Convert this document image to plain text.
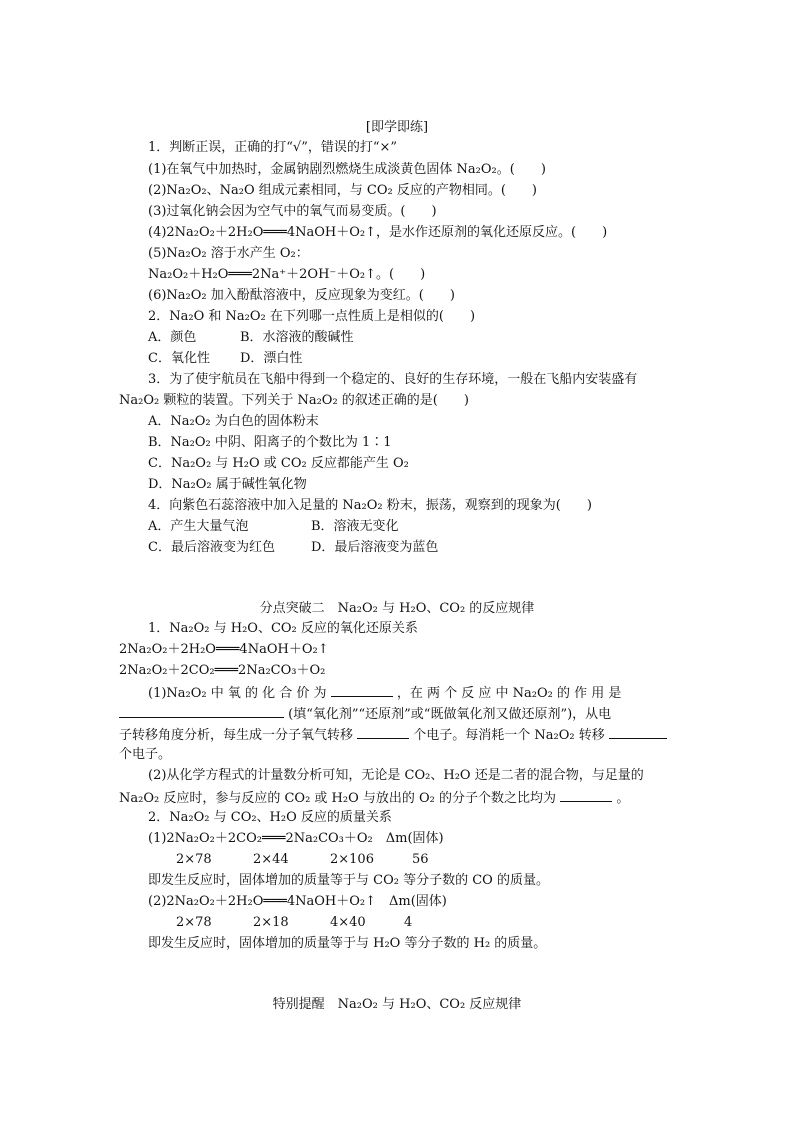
[即学即练]
1．判断正误，正确的打“√”，错误的打“×”
(1)在氧气中加热时，金属钠剧烈燃烧生成淡黄色固体 Na₂O₂。(　　)
(2)Na₂O₂、Na₂O 组成元素相同，与 CO₂ 反应的产物相同。(　　)
(3)过氧化钠会因为空气中的氧气而易变质。(　　)
(4)2Na₂O₂＋2H₂O═══4NaOH＋O₂↑，是水作还原剂的氧化还原反应。(　　)
(5)Na₂O₂ 溶于水产生 O₂：
Na₂O₂＋H₂O═══2Na⁺＋2OH⁻＋O₂↑。(　　)
(6)Na₂O₂ 加入酚酞溶液中，反应现象为变红。(　　)
2．Na₂O 和 Na₂O₂ 在下列哪一点性质上是相似的(　　)
A．颜色	B．水溶液的酸碱性
C．氧化性 D．漂白性
3．为了使宇航员在飞船中得到一个稳定的、良好的生存环境，一般在飞船内安装盛有
Na₂O₂ 颗粒的装置。下列关于 Na₂O₂ 的叙述正确的是(　　)
A．Na₂O₂ 为白色的固体粉末
B．Na₂O₂ 中阴、阳离子的个数比为 1∶1
C．Na₂O₂ 与 H₂O 或 CO₂ 反应都能产生 O₂
D．Na₂O₂ 属于碱性氧化物
4．向紫色石蕊溶液中加入足量的 Na₂O₂ 粉末，振荡，观察到的现象为(　　)
A．产生大量气泡	B．溶液无变化
C．最后溶液变为红色	D．最后溶液变为蓝色
分点突破二　Na₂O₂ 与 H₂O、CO₂ 的反应规律
1．Na₂O₂ 与 H₂O、CO₂ 反应的氧化还原关系
2Na₂O₂＋2H₂O═══4NaOH＋O₂↑
2Na₂O₂＋2CO₂═══2Na₂CO₃＋O₂
(1)Na₂O₂ 中 氧 的 化 合 价 为	，在 两 个 反 应 中 Na₂O₂ 的 作 用 是
(填“氧化剂”“还原剂”或“既做氧化剂又做还原剂”)，从电
子转移角度分析，每生成一分子氧气转移	个电子。每消耗一个 Na₂O₂ 转移
个电子。
(2)从化学方程式的计量数分析可知，无论是 CO₂、H₂O 还是二者的混合物，与足量的
Na₂O₂ 反应时，参与反应的 CO₂ 或 H₂O 与放出的 O₂ 的分子个数之比均为	。
2．Na₂O₂ 与 CO₂、H₂O 反应的质量关系
(1)2Na₂O₂＋2CO₂═══2Na₂CO₃＋O₂　Δm(固体)
2×78	2×44	2×106	56
即发生反应时，固体增加的质量等于与 CO₂ 等分子数的 CO 的质量。
(2)2Na₂O₂＋2H₂O═══4NaOH＋O₂↑　Δm(固体)
2×78	2×18	4×40	4
即发生反应时，固体增加的质量等于与 H₂O 等分子数的 H₂ 的质量。
特别提醒　Na₂O₂ 与 H₂O、CO₂ 反应规律
